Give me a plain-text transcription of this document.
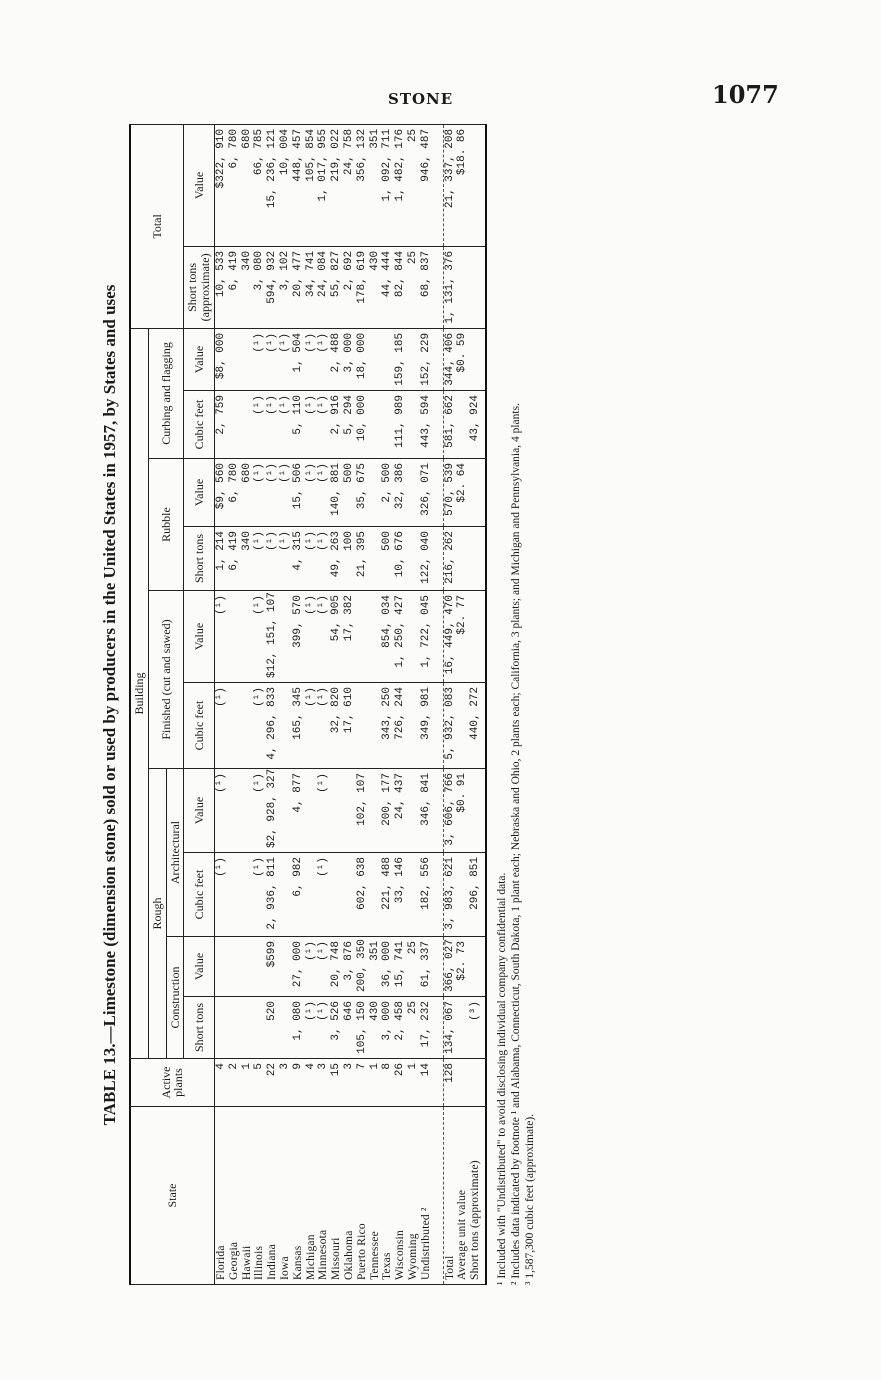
STONE	1077
TABLE 13.—Limestone (dimension stone) sold or used by producers in the United States in 1957, by States and uses
State	Active plants	Building										Total	
		Rough				Finished (cut and sawed)		Rubble		Curbing and flagging			
		Construction		Architectural									
		Short tons	Value	Cubic feet	Value	Cubic feet	Value	Short tons	Value	Cubic feet	Value	Short tons (approximate)	Value
Florida	4			(¹)	(¹)	(¹)	(¹)	1, 214	$9, 560	2, 759	$8, 000	10, 533	$322, 910
Georgia	2							6, 419	6, 780			6, 419	6, 780
Hawaii	1							340	680			340	680
Illinois	5			(¹)	(¹)	(¹)	(¹)	(¹)	(¹)	(¹)	(¹)	3, 080	66, 785
Indiana	22	520	$599	2, 936, 811	$2, 928, 327	4, 296, 833	$12, 151, 107	(¹)	(¹)	(¹)	(¹)	594, 932	15, 236, 121
Iowa	3							(¹)	(¹)	(¹)	(¹)	3, 102	10, 004
Kansas	9	1, 080	27, 000	6, 982	4, 877	165, 345	399, 570	4, 315	15, 506	5, 110	1, 504	20, 477	448, 457
Michigan	4	(¹)	(¹)			(¹)	(¹)	(¹)	(¹)	(¹)	(¹)	34, 741	105, 854
Minnesota	3	(¹)	(¹)	(¹)	(¹)	(¹)	(¹)	(¹)	(¹)	(¹)	(¹)	24, 084	1, 017, 955
Missouri	15	3, 526	20, 748			32, 820	54, 905	49, 263	140, 881	2, 916	2, 488	55, 827	219, 022
Oklahoma	3	646	3, 876			17, 610	17, 382	100	500	5, 294	3, 000	2, 692	24, 758
Puerto Rico	7	105, 150	200, 350	602, 638	102, 107			21, 395	35, 675	10, 000	18, 000	178, 619	356, 132
Tennessee	1	430	351									430	351
Texas	8	3, 000	36, 000	221, 488	200, 177	343, 250	854, 034	500	2, 500			44, 444	1, 092, 711
Wisconsin	26	2, 458	15, 741	33, 146	24, 437	726, 244	1, 250, 427	10, 676	32, 386	111, 989	159, 185	82, 844	1, 482, 176
Wyoming	1	25	25									25	25
Undistributed ²	14	17, 232	61, 337	182, 556	346, 841	349, 981	1, 722, 045	122, 040	326, 071	443, 594	152, 229	68, 837	946, 487

Total	128	134, 067	366, 027	3, 983, 621	3, 606, 766	5, 932, 083	16, 449, 470	216, 262	570, 539	581, 662	344, 406	1, 131, 376	21, 337, 208
Average unit value			$2. 73		$0. 91		$2. 77		$2. 64		$0. 59		$18. 86
Short tons (approximate)		(³)		296, 851		440, 272				43, 924			

¹ Included with "Undistributed" to avoid disclosing individual company confidential data. ² Includes data indicated by footnote ¹ and Alabama, Connecticut, South Dakota, 1 plant each; Nebraska and Ohio, 2 plants each; California, 3 plants; and Michigan and Pennsylvania, 4 plants. ³ 1,587,300 cubic feet (approximate).
